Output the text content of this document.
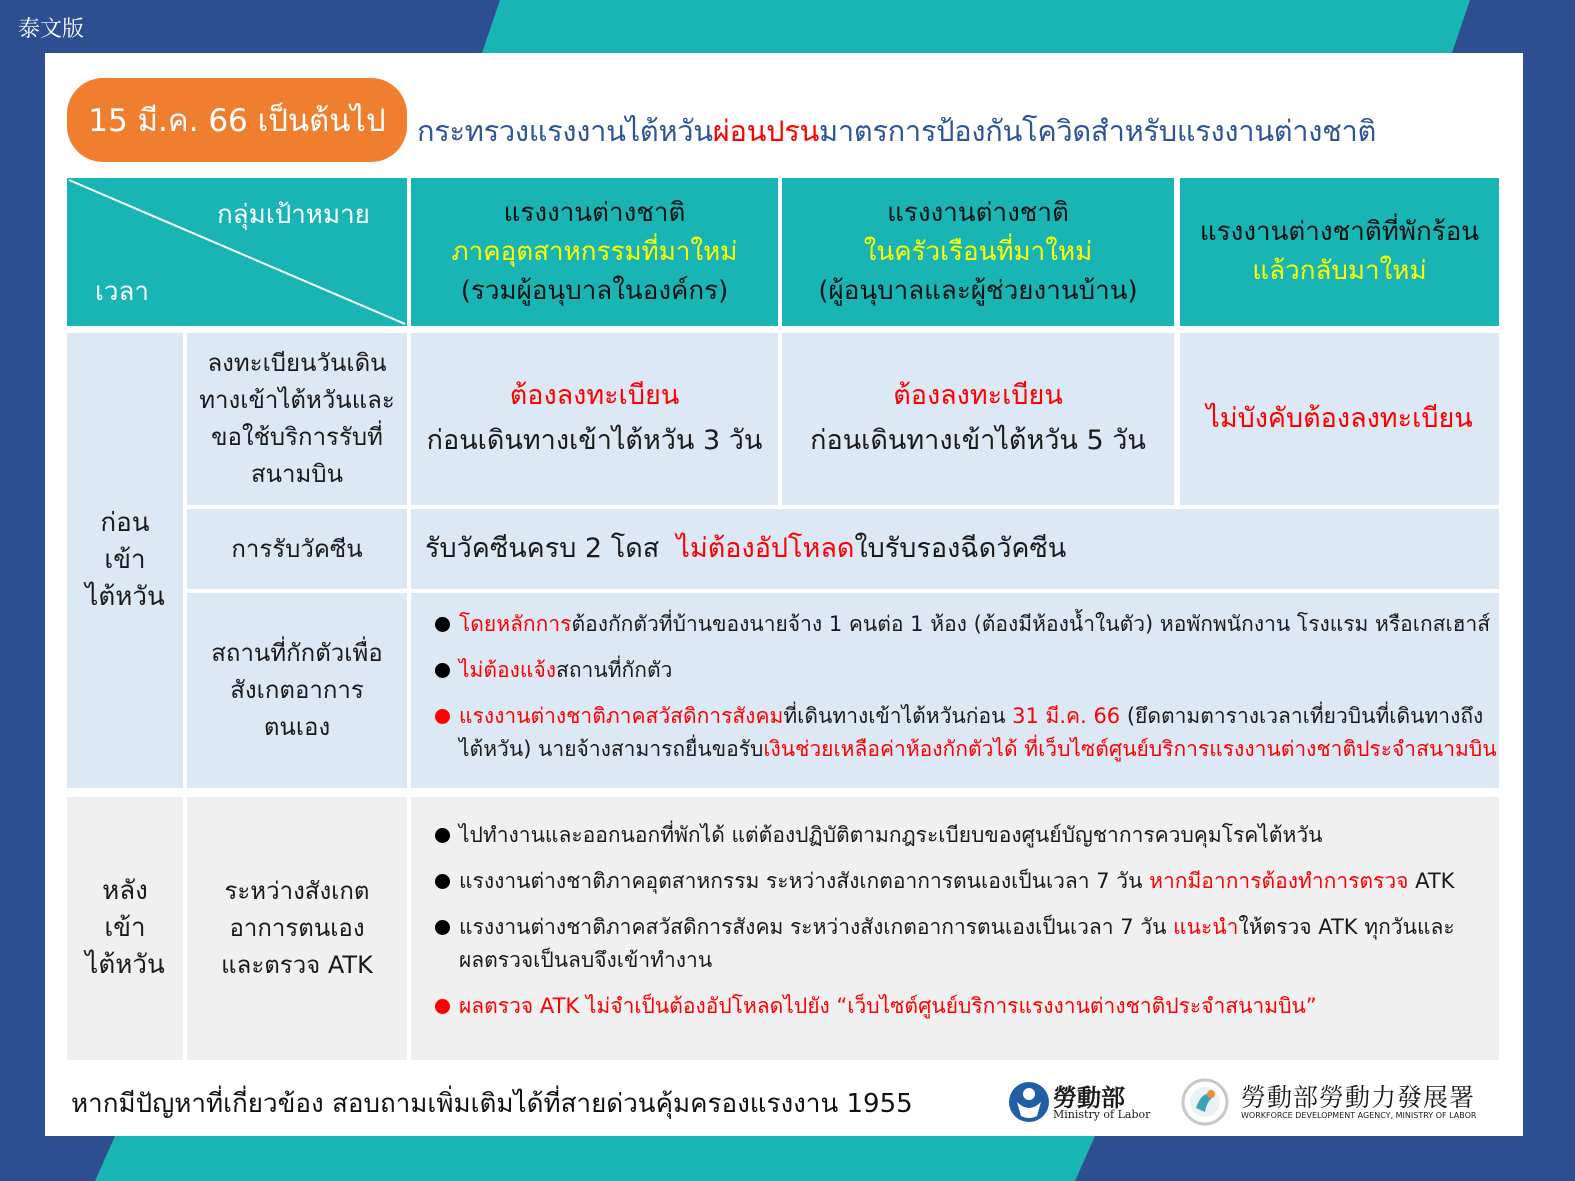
泰文版
15 มี.ค. 66 เป็นต้นไป	กระทรวงแรงงานไต้หวันผ่อนปรนมาตรการป้องกันโควิดสำหรับแรงงานต่างชาติ
กลุ่มเป้าหมาย
เวลา
แรงงานต่างชาติ
ภาคอุตสาหกรรมที่มาใหม่
(รวมผู้อนุบาลในองค์กร)
แรงงานต่างชาติ
ในครัวเรือนที่มาใหม่
(ผู้อนุบาลและผู้ช่วยงานบ้าน)
แรงงานต่างชาติที่พักร้อน
แล้วกลับมาใหม่
ก่อน
เข้า
ไต้หวัน
ลงทะเบียนวันเดิน
ทางเข้าไต้หวันและ
ขอใช้บริการรับที่
สนามบิน
ต้องลงทะเบียน
ก่อนเดินทางเข้าไต้หวัน 3 วัน
ต้องลงทะเบียน
ก่อนเดินทางเข้าไต้หวัน 5 วัน
ไม่บังคับต้องลงทะเบียน
การรับวัคซีน รับวัคซีนครบ 2 โดส ไม่ต้องอัปโหลดใบรับรองฉีดวัคซีน
สถานที่กักตัวเพื่อ
สังเกตอาการ
ตนเอง
โดยหลักการต้องกักตัวที่บ้านของนายจ้าง 1 คนต่อ 1 ห้อง (ต้องมีห้องน้ำในตัว) หอพักพนักงาน โรงแรม หรือเกสเฮาส์
ไม่ต้องแจ้งสถานที่กักตัว
แรงงานต่างชาติภาคสวัสดิการสังคมที่เดินทางเข้าไต้หวันก่อน 31 มี.ค. 66 (ยึดตามตารางเวลาเที่ยวบินที่เดินทางถึง
ไต้หวัน) นายจ้างสามารถยื่นขอรับเงินช่วยเหลือค่าห้องกักตัวได้ ที่เว็บไซต์ศูนย์บริการแรงงานต่างชาติประจำสนามบิน
หลัง
เข้า
ไต้หวัน
ระหว่างสังเกต
อาการตนเอง
และตรวจ ATK
ไปทำงานและออกนอกที่พักได้ แต่ต้องปฏิบัติตามกฎระเบียบของศูนย์บัญชาการควบคุมโรคไต้หวัน
แรงงานต่างชาติภาคอุตสาหกรรม ระหว่างสังเกตอาการตนเองเป็นเวลา 7 วัน หากมีอาการต้องทำการตรวจ ATK
แรงงานต่างชาติภาคสวัสดิการสังคม ระหว่างสังเกตอาการตนเองเป็นเวลา 7 วัน แนะนำให้ตรวจ ATK ทุกวันและ
ผลตรวจเป็นลบจึงเข้าทำงาน
ผลตรวจ ATK ไม่จำเป็นต้องอัปโหลดไปยัง “เว็บไซต์ศูนย์บริการแรงงานต่างชาติประจำสนามบิน”
หากมีปัญหาที่เกี่ยวข้อง สอบถามเพิ่มเติมได้ที่สายด่วนคุ้มครองแรงงาน 1955	勞動部
Ministry of Labor
勞動部勞動力發展署
WORKFORCE DEVELOPMENT AGENCY, MINISTRY OF LABOR
